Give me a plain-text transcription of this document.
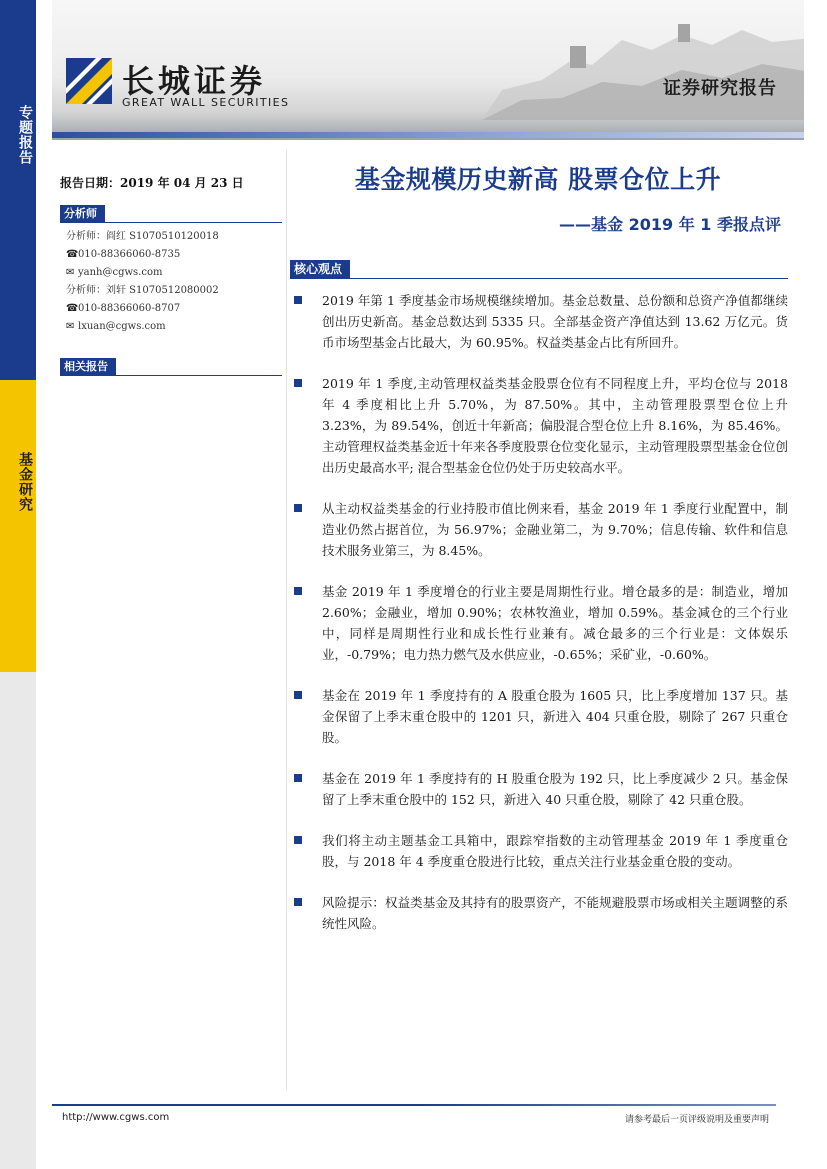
专题报告
基金研究
长城证券
GREAT WALL SECURITIES
证券研究报告
报告日期：2019 年 04 月 23 日
分析师
分析师：阎红 S1070510120018
☎010-88366060-8735
✉ yanh@cgws.com
分析师：刘轩 S1070512080002
☎010-88366060-8707
✉ lxuan@cgws.com
相关报告
基金规模历史新高 股票仓位上升
——基金 2019 年 1 季报点评
核心观点

2019 年第 1 季度基金市场规模继续增加。基金总数量、总份额和总资产净值都继续创出历史新高。基金总数达到 5335 只。全部基金资产净值达到 13.62 万亿元。货币市场型基金占比最大，为 60.95%。权益类基金占比有所回升。

2019 年 1 季度,主动管理权益类基金股票仓位有不同程度上升，平均仓位与 2018 年 4 季度相比上升 5.70%，为 87.50%。其中，主动管理股票型仓位上升 3.23%，为 89.54%，创近十年新高；偏股混合型仓位上升 8.16%，为 85.46%。主动管理权益类基金近十年来各季度股票仓位变化显示，主动管理股票型基金仓位创出历史最高水平; 混合型基金仓位仍处于历史较高水平。

从主动权益类基金的行业持股市值比例来看，基金 2019 年 1 季度行业配置中，制造业仍然占据首位，为 56.97%；金融业第二，为 9.70%；信息传输、软件和信息技术服务业第三，为 8.45%。

基金 2019 年 1 季度增仓的行业主要是周期性行业。增仓最多的是：制造业，增加 2.60%；金融业，增加 0.90%；农林牧渔业，增加 0.59%。基金减仓的三个行业中，同样是周期性行业和成长性行业兼有。减仓最多的三个行业是：文体娱乐业，-0.79%；电力热力燃气及水供应业，-0.65%；采矿业，-0.60%。

基金在 2019 年 1 季度持有的 A 股重仓股为 1605 只，比上季度增加 137 只。基金保留了上季末重仓股中的 1201 只，新进入 404 只重仓股，剔除了 267 只重仓股。

基金在 2019 年 1 季度持有的 H 股重仓股为 192 只，比上季度减少 2 只。基金保留了上季末重仓股中的 152 只，新进入 40 只重仓股，剔除了 42 只重仓股。

我们将主动主题基金工具箱中，跟踪窄指数的主动管理基金 2019 年 1 季度重仓股，与 2018 年 4 季度重仓股进行比较，重点关注行业基金重仓股的变动。

风险提示：权益类基金及其持有的股票资产，不能规避股票市场或相关主题调整的系统性风险。

http://www.cgws.com	请参考最后一页评级说明及重要声明
